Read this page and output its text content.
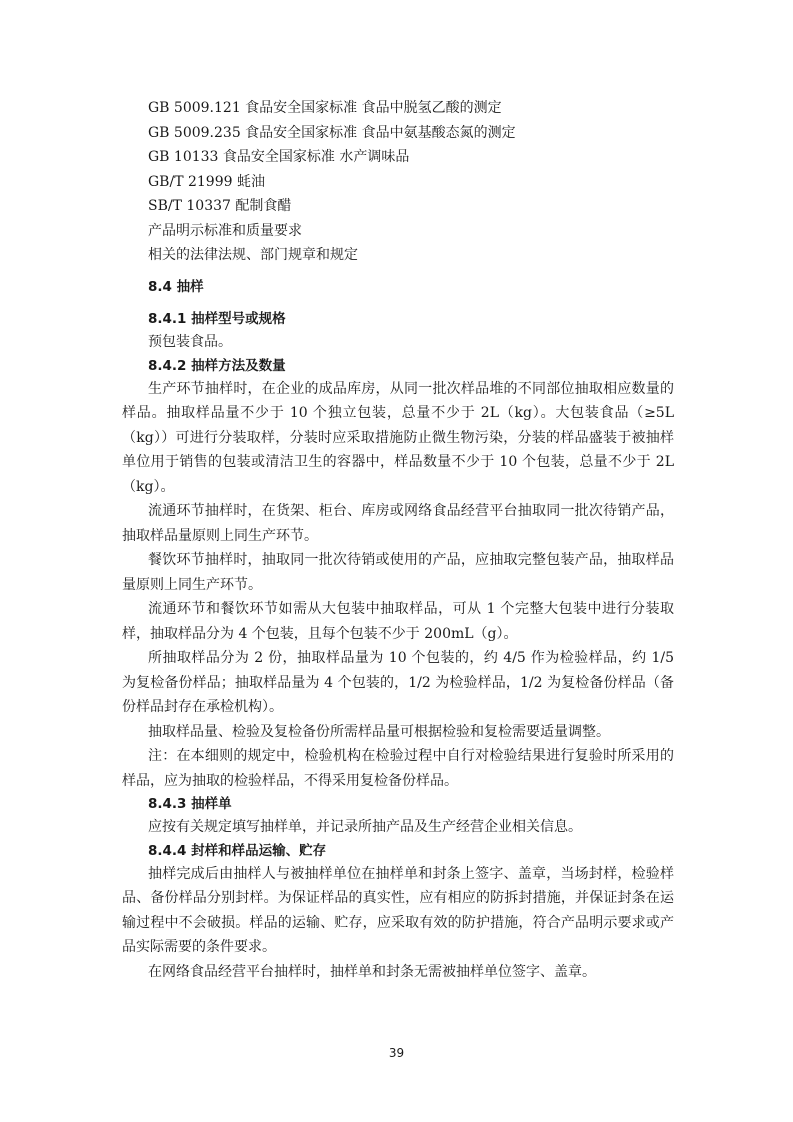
GB 5009.121 食品安全国家标准 食品中脱氢乙酸的测定
GB 5009.235 食品安全国家标准 食品中氨基酸态氮的测定
GB 10133 食品安全国家标准 水产调味品
GB/T 21999 蚝油
SB/T 10337 配制食醋
产品明示标准和质量要求
相关的法律法规、部门规章和规定
8.4 抽样
8.4.1 抽样型号或规格

预包装食品。

8.4.2 抽样方法及数量

生产环节抽样时，在企业的成品库房，从同一批次样品堆的不同部位抽取相应数量的样品。抽取样品量不少于 10 个独立包装，总量不少于 2L（kg）。大包装食品（≥5L（kg））可进行分装取样，分装时应采取措施防止微生物污染，分装的样品盛装于被抽样单位用于销售的包装或清洁卫生的容器中，样品数量不少于 10 个包装，总量不少于 2L（kg）。

流通环节抽样时，在货架、柜台、库房或网络食品经营平台抽取同一批次待销产品，抽取样品量原则上同生产环节。

餐饮环节抽样时，抽取同一批次待销或使用的产品，应抽取完整包装产品，抽取样品量原则上同生产环节。

流通环节和餐饮环节如需从大包装中抽取样品，可从 1 个完整大包装中进行分装取样，抽取样品分为 4 个包装，且每个包装不少于 200mL（g）。

所抽取样品分为 2 份，抽取样品量为 10 个包装的，约 4/5 作为检验样品，约 1/5 为复检备份样品；抽取样品量为 4 个包装的，1/2 为检验样品，1/2 为复检备份样品（备份样品封存在承检机构）。

抽取样品量、检验及复检备份所需样品量可根据检验和复检需要适量调整。

注：在本细则的规定中，检验机构在检验过程中自行对检验结果进行复验时所采用的样品，应为抽取的检验样品，不得采用复检备份样品。

8.4.3 抽样单

应按有关规定填写抽样单，并记录所抽产品及生产经营企业相关信息。

8.4.4 封样和样品运输、贮存

抽样完成后由抽样人与被抽样单位在抽样单和封条上签字、盖章，当场封样，检验样品、备份样品分别封样。为保证样品的真实性，应有相应的防拆封措施，并保证封条在运输过程中不会破损。样品的运输、贮存，应采取有效的防护措施，符合产品明示要求或产品实际需要的条件要求。

在网络食品经营平台抽样时，抽样单和封条无需被抽样单位签字、盖章。

39
